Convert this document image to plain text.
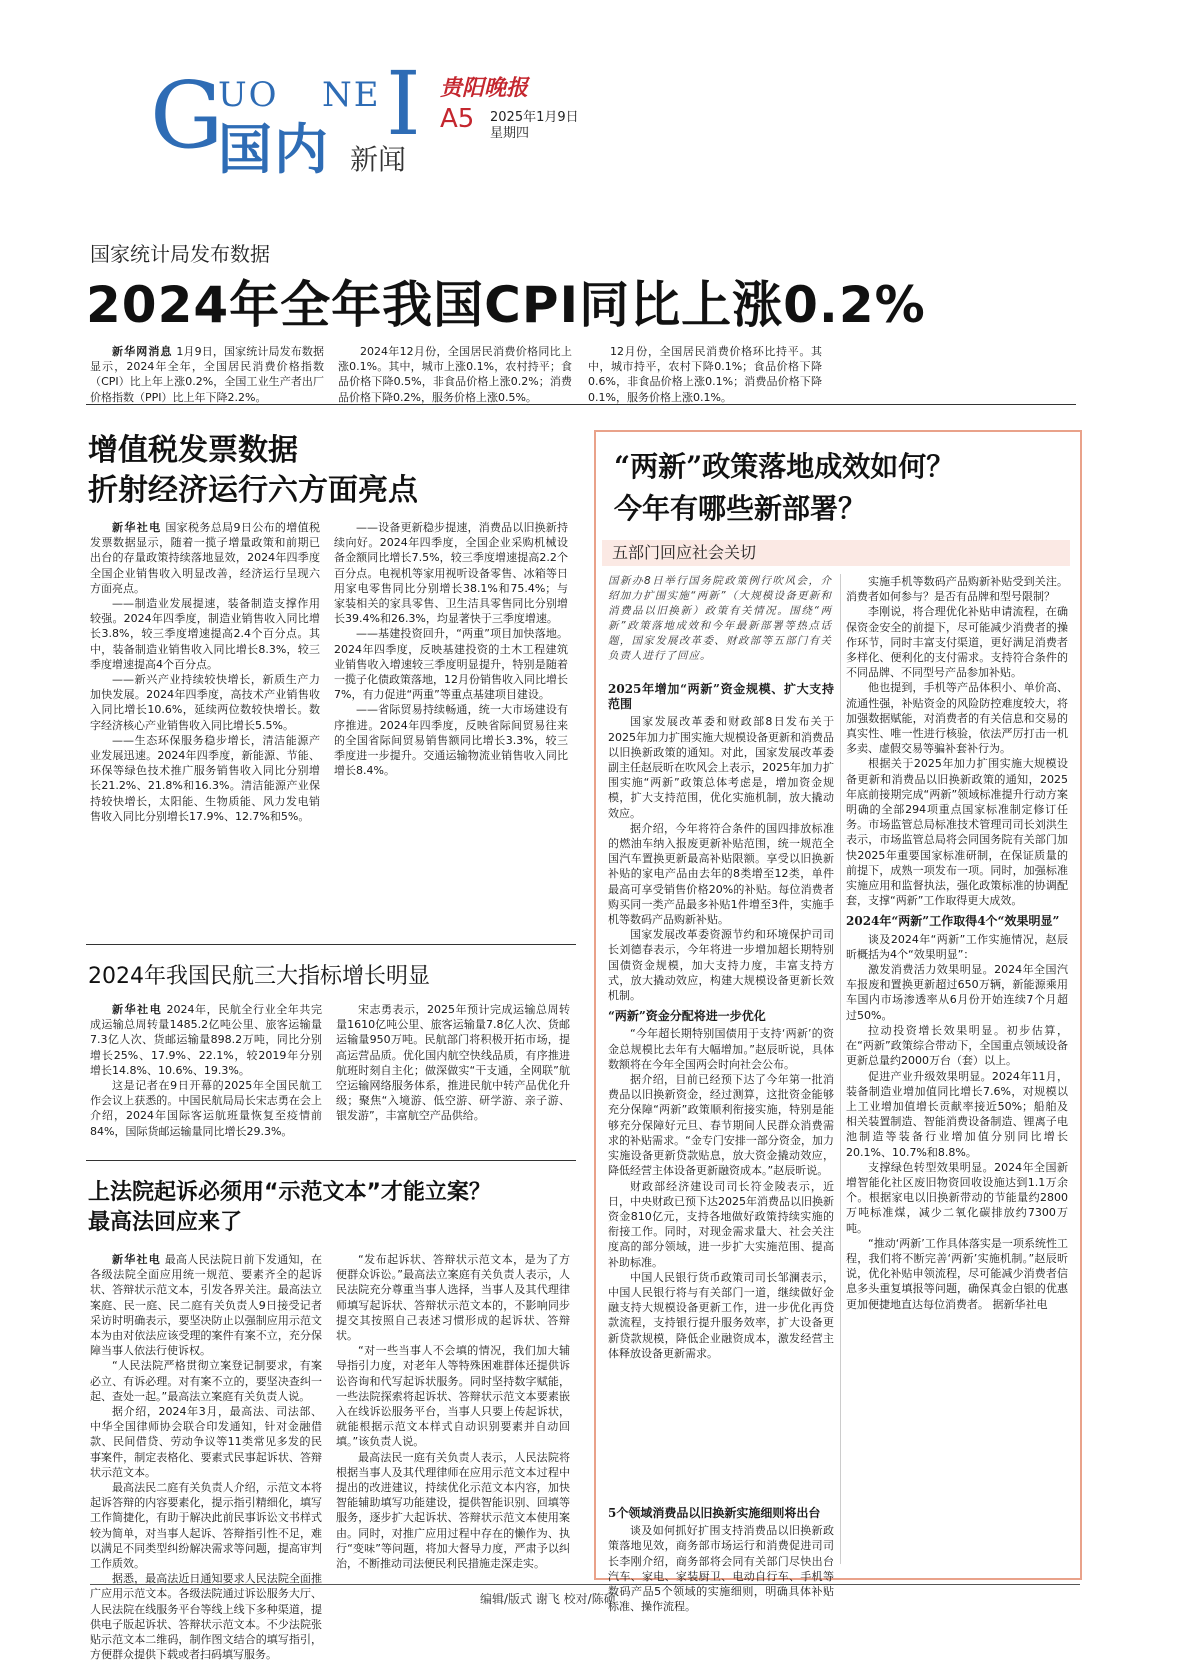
G
UO NE I
国内 新闻
贵阳晚报
A5 2025年1月9日
星期四
国家统计局发布数据
2024年全年我国CPI同比上涨0.2%

新华网消息 1月9日，国家统计局发布数据显示，2024年全年，全国居民消费价格指数（CPI）比上年上涨0.2%，全国工业生产者出厂价格指数（PPI）比上年下降2.2%。

2024年12月份，全国居民消费价格同比上涨0.1%。其中，城市上涨0.1%，农村持平；食品价格下降0.5%，非食品价格上涨0.2%；消费品价格下降0.2%，服务价格上涨0.5%。

12月份，全国居民消费价格环比持平。其中，城市持平，农村下降0.1%；食品价格下降0.6%，非食品价格上涨0.1%；消费品价格下降0.1%，服务价格上涨0.1%。

增值税发票数据
折射经济运行六方面亮点

新华社电 国家税务总局9日公布的增值税发票数据显示，随着一揽子增量政策和前期已出台的存量政策持续落地显效，2024年四季度全国企业销售收入明显改善，经济运行呈现六方面亮点。

——制造业发展提速，装备制造支撑作用较强。2024年四季度，制造业销售收入同比增长3.8%，较三季度增速提高2.4个百分点。其中，装备制造业销售收入同比增长8.3%，较三季度增速提高4个百分点。

——新兴产业持续较快增长，新质生产力加快发展。2024年四季度，高技术产业销售收入同比增长10.6%，延续两位数较快增长。数字经济核心产业销售收入同比增长5.5%。

——生态环保服务稳步增长，清洁能源产业发展迅速。2024年四季度，新能源、节能、环保等绿色技术推广服务销售收入同比分别增长21.2%、21.8%和16.3%。清洁能源产业保持较快增长，太阳能、生物质能、风力发电销售收入同比分别增长17.9%、12.7%和5%。

——设备更新稳步提速，消费品以旧换新持续向好。2024年四季度，全国企业采购机械设备金额同比增长7.5%，较三季度增速提高2.2个百分点。电视机等家用视听设备零售、冰箱等日用家电零售同比分别增长38.1%和75.4%；与家装相关的家具零售、卫生洁具零售同比分别增长39.4%和26.3%，均显著快于三季度增速。

——基建投资回升，“两重”项目加快落地。2024年四季度，反映基建投资的土木工程建筑业销售收入增速较三季度明显提升，特别是随着一揽子化债政策落地，12月份销售收入同比增长7%，有力促进“两重”等重点基建项目建设。

——省际贸易持续畅通，统一大市场建设有序推进。2024年四季度，反映省际间贸易往来的全国省际间贸易销售额同比增长3.3%，较三季度进一步提升。交通运输物流业销售收入同比增长8.4%。

2024年我国民航三大指标增长明显

新华社电 2024年，民航全行业全年共完成运输总周转量1485.2亿吨公里、旅客运输量7.3亿人次、货邮运输量898.2万吨，同比分别增长25%、17.9%、22.1%，较2019年分别增长14.8%、10.6%、19.3%。

这是记者在9日开幕的2025年全国民航工作会议上获悉的。中国民航局局长宋志勇在会上介绍，2024年国际客运航班量恢复至疫情前84%，国际货邮运输量同比增长29.3%。

宋志勇表示，2025年预计完成运输总周转量1610亿吨公里、旅客运输量7.8亿人次、货邮运输量950万吨。民航部门将积极开拓市场，提高运营品质。优化国内航空快线品质，有序推进航班时刻自主化；做深做实“干支通，全网联”航空运输网络服务体系，推进民航中转产品优化升级；聚焦“入境游、低空游、研学游、亲子游、银发游”，丰富航空产品供给。

上法院起诉必须用“示范文本”才能立案？
最高法回应来了

新华社电 最高人民法院日前下发通知，在各级法院全面应用统一规范、要素齐全的起诉状、答辩状示范文本，引发各界关注。最高法立案庭、民一庭、民二庭有关负责人9日接受记者采访时明确表示，要坚决防止以强制应用示范文本为由对依法应该受理的案件有案不立，充分保障当事人依法行使诉权。

“人民法院严格贯彻立案登记制要求，有案必立、有诉必理。对有案不立的，要坚决查纠一起、查处一起。”最高法立案庭有关负责人说。

据介绍，2024年3月，最高法、司法部、中华全国律师协会联合印发通知，针对金融借款、民间借贷、劳动争议等11类常见多发的民事案件，制定表格化、要素式民事起诉状、答辩状示范文本。

最高法民二庭有关负责人介绍，示范文本将起诉答辩的内容要素化，提示指引精细化，填写工作简捷化，有助于解决此前民事诉讼文书样式较为简单，对当事人起诉、答辩指引性不足，难以满足不同类型纠纷解决需求等问题，提高审判工作质效。

据悉，最高法近日通知要求人民法院全面推广应用示范文本。各级法院通过诉讼服务大厅、人民法院在线服务平台等线上线下多种渠道，提供电子版起诉状、答辩状示范文本。不少法院张贴示范文本二维码，制作图文结合的填写指引，方便群众提供下载或者扫码填写服务。

“发布起诉状、答辩状示范文本，是为了方便群众诉讼。”最高法立案庭有关负责人表示，人民法院充分尊重当事人选择，当事人及其代理律师填写起诉状、答辩状示范文本的，不影响同步提交其按照自己表述习惯形成的起诉状、答辩状。

“对一些当事人不会填的情况，我们加大辅导指引力度，对老年人等特殊困难群体还提供诉讼咨询和代写起诉状服务。同时坚持数字赋能，一些法院探索将起诉状、答辩状示范文本要素嵌入在线诉讼服务平台，当事人只要上传起诉状，就能根据示范文本样式自动识别要素并自动回填。”该负责人说。

最高法民一庭有关负责人表示，人民法院将根据当事人及其代理律师在应用示范文本过程中提出的改进建议，持续优化示范文本内容，加快智能辅助填写功能建设，提供智能识别、回填等服务，逐步扩大起诉状、答辩状示范文本使用案由。同时，对推广应用过程中存在的懒作为、执行“变味”等问题，将加大督导力度，严肃予以纠治，不断推动司法便民利民措施走深走实。

“两新”政策落地成效如何？
今年有哪些新部署？
五部门回应社会关切
国新办8日举行国务院政策例行吹风会，介绍加力扩围实施“两新”（大规模设备更新和消费品以旧换新）政策有关情况。围绕“两新”政策落地成效和今年最新部署等热点话题，国家发展改革委、财政部等五部门有关负责人进行了回应。
2025年增加“两新”资金规模、扩大支持范围

国家发展改革委和财政部8日发布关于2025年加力扩围实施大规模设备更新和消费品以旧换新政策的通知。对此，国家发展改革委副主任赵辰昕在吹风会上表示，2025年加力扩围实施“两新”政策总体考虑是，增加资金规模，扩大支持范围，优化实施机制，放大撬动效应。

据介绍，今年将符合条件的国四排放标准的燃油车纳入报废更新补贴范围，统一规范全国汽车置换更新最高补贴限额。享受以旧换新补贴的家电产品由去年的8类增至12类，单件最高可享受销售价格20%的补贴。每位消费者购买同一类产品最多补贴1件增至3件，实施手机等数码产品购新补贴。

国家发展改革委资源节约和环境保护司司长刘德春表示，今年将进一步增加超长期特别国债资金规模，加大支持力度，丰富支持方式，放大撬动效应，构建大规模设备更新长效机制。

“两新”资金分配将进一步优化

“今年超长期特别国债用于支持‘两新’的资金总规模比去年有大幅增加。”赵辰昕说，具体数额将在今年全国两会时向社会公布。

据介绍，目前已经预下达了今年第一批消费品以旧换新资金，经过测算，这批资金能够充分保障“两新”政策顺利衔接实施，特别是能够充分保障好元旦、春节期间人民群众消费需求的补贴需求。“金专门安排一部分资金，加力实施设备更新贷款贴息，放大资金撬动效应，降低经营主体设备更新融资成本。”赵辰昕说。

财政部经济建设司司长符金陵表示，近日，中央财政已预下达2025年消费品以旧换新资金810亿元，支持各地做好政策持续实施的衔接工作。同时，对现金需求量大、社会关注度高的部分领域，进一步扩大实施范围、提高补助标准。

中国人民银行货币政策司司长邹澜表示，中国人民银行将与有关部门一道，继续做好金融支持大规模设备更新工作，进一步优化再贷款流程，支持银行提升服务效率，扩大设备更新贷款规模，降低企业融资成本，激发经营主体释放设备更新需求。

5个领域消费品以旧换新实施细则将出台

谈及如何抓好扩围支持消费品以旧换新政策落地见效，商务部市场运行和消费促进司司长李刚介绍，商务部将会同有关部门尽快出台汽车、家电、家装厨卫、电动自行车、手机等数码产品5个领域的实施细则，明确具体补贴标准、操作流程。

实施手机等数码产品购新补贴受到关注。消费者如何参与？是否有品牌和型号限制？

李刚说，将合理优化补贴申请流程，在确保资金安全的前提下，尽可能减少消费者的操作环节，同时丰富支付渠道，更好满足消费者多样化、便利化的支付需求。支持符合条件的不同品牌、不同型号产品参加补贴。

他也提到，手机等产品体积小、单价高、流通性强，补贴资金的风险防控难度较大，将加强数据赋能，对消费者的有关信息和交易的真实性、唯一性进行核验，依法严厉打击一机多卖、虚假交易等骗补套补行为。

根据关于2025年加力扩围实施大规模设备更新和消费品以旧换新政策的通知，2025年底前接期完成“两新”领域标准提升行动方案明确的全部294项重点国家标准制定修订任务。市场监管总局标准技术管理司司长刘洪生表示，市场监管总局将会同国务院有关部门加快2025年重要国家标准研制，在保证质量的前提下，成熟一项发布一项。同时，加强标准实施应用和监督执法，强化政策标准的协调配套，支撑“两新”工作取得更大成效。

2024年“两新”工作取得4个“效果明显”

谈及2024年“两新”工作实施情况，赵辰昕概括为4个“效果明显”：

激发消费活力效果明显。2024年全国汽车报废和置换更新超过650万辆，新能源乘用车国内市场渗透率从6月份开始连续7个月超过50%。

拉动投资增长效果明显。初步估算，在“两新”政策综合带动下，全国重点领域设备更新总量约2000万台（套）以上。

促进产业升级效果明显。2024年11月，装备制造业增加值同比增长7.6%，对规模以上工业增加值增长贡献率接近50%；船舶及相关装置制造、智能消费设备制造、锂离子电池制造等装备行业增加值分别同比增长20.1%、10.7%和8.8%。

支撑绿色转型效果明显。2024年全国新增智能化社区废旧物资回收设施达到1.1万余个。根据家电以旧换新带动的节能量约2800万吨标准煤，减少二氧化碳排放约7300万吨。

“推动‘两新’工作具体落实是一项系统性工程，我们将不断完善‘两新’实施机制。”赵辰昕说，优化补贴申领流程，尽可能减少消费者信息多头重复填报等问题，确保真金白银的优惠更加便捷地直达每位消费者。 据新华社电

编辑/版式 谢飞 校对/陈硕
